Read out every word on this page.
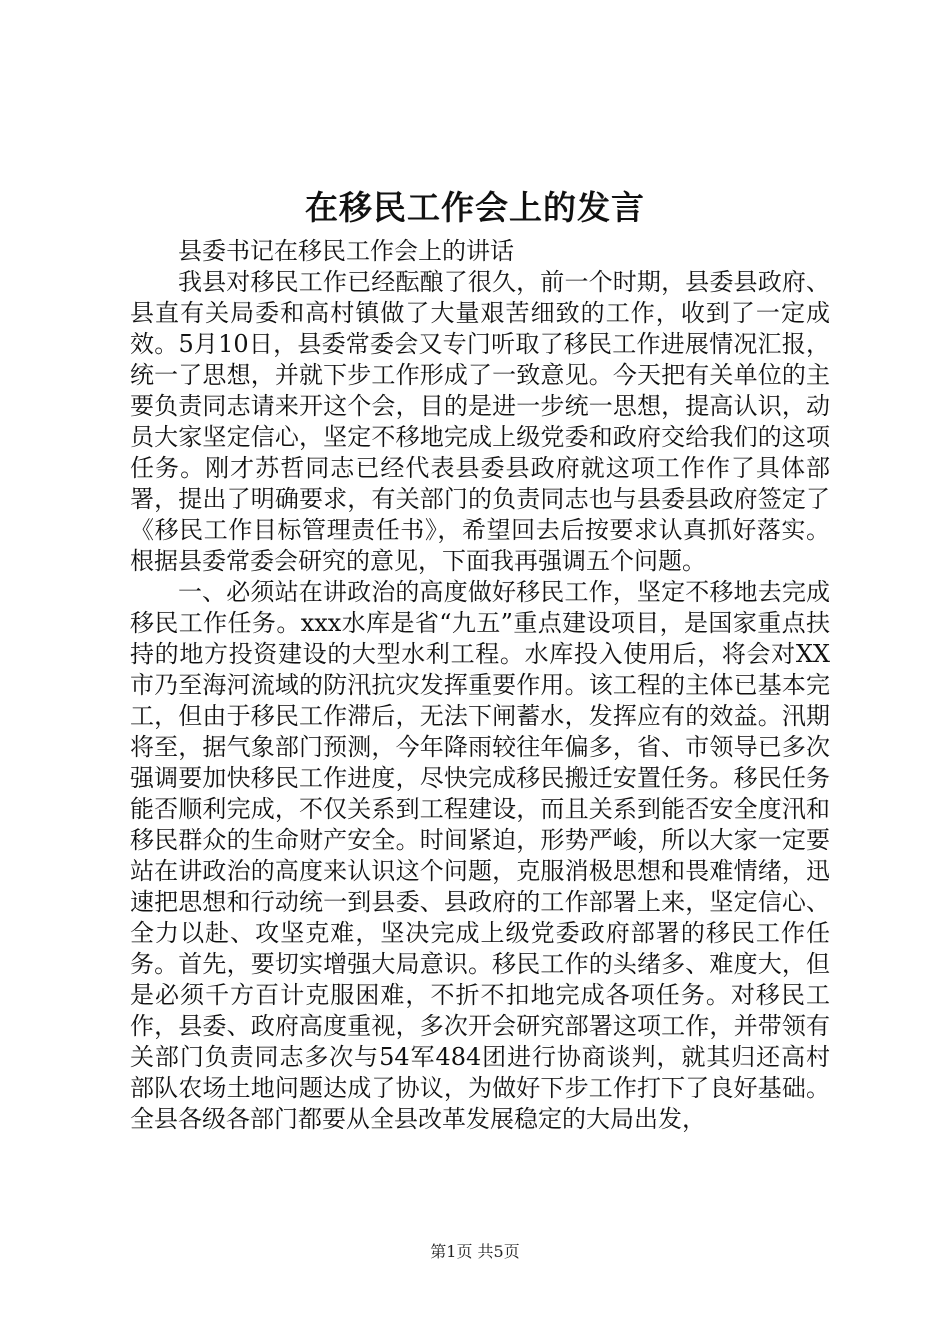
在移民工作会上的发言

县委书记在移民工作会上的讲话

我县对移民工作已经酝酿了很久，前一个时期，县委县政府、县直有关局委和高村镇做了大量艰苦细致的工作，收到了一定成效。5月10日，县委常委会又专门听取了移民工作进展情况汇报，统一了思想，并就下步工作形成了一致意见。今天把有关单位的主要负责同志请来开这个会，目的是进一步统一思想，提高认识，动员大家坚定信心，坚定不移地完成上级党委和政府交给我们的这项任务。刚才苏哲同志已经代表县委县政府就这项工作作了具体部署，提出了明确要求，有关部门的负责同志也与县委县政府签定了《移民工作目标管理责任书》，希望回去后按要求认真抓好落实。根据县委常委会研究的意见，下面我再强调五个问题。

一、必须站在讲政治的高度做好移民工作，坚定不移地去完成移民工作任务。xxx水库是省“九五”重点建设项目，是国家重点扶持的地方投资建设的大型水利工程。水库投入使用后，将会对XX市乃至海河流域的防汛抗灾发挥重要作用。该工程的主体已基本完工，但由于移民工作滞后，无法下闸蓄水，发挥应有的效益。汛期将至，据气象部门预测，今年降雨较往年偏多，省、市领导已多次强调要加快移民工作进度，尽快完成移民搬迁安置任务。移民任务能否顺利完成，不仅关系到工程建设，而且关系到能否安全度汛和移民群众的生命财产安全。时间紧迫，形势严峻，所以大家一定要站在讲政治的高度来认识这个问题，克服消极思想和畏难情绪，迅速把思想和行动统一到县委、县政府的工作部署上来，坚定信心、全力以赴、攻坚克难，坚决完成上级党委政府部署的移民工作任务。首先，要切实增强大局意识。移民工作的头绪多、难度大，但是必须千方百计克服困难，不折不扣地完成各项任务。对移民工作，县委、政府高度重视，多次开会研究部署这项工作，并带领有关部门负责同志多次与54军484团进行协商谈判，就其归还高村部队农场土地问题达成了协议，为做好下步工作打下了良好基础。全县各级各部门都要从全县改革发展稳定的大局出发，

第1页 共5页
